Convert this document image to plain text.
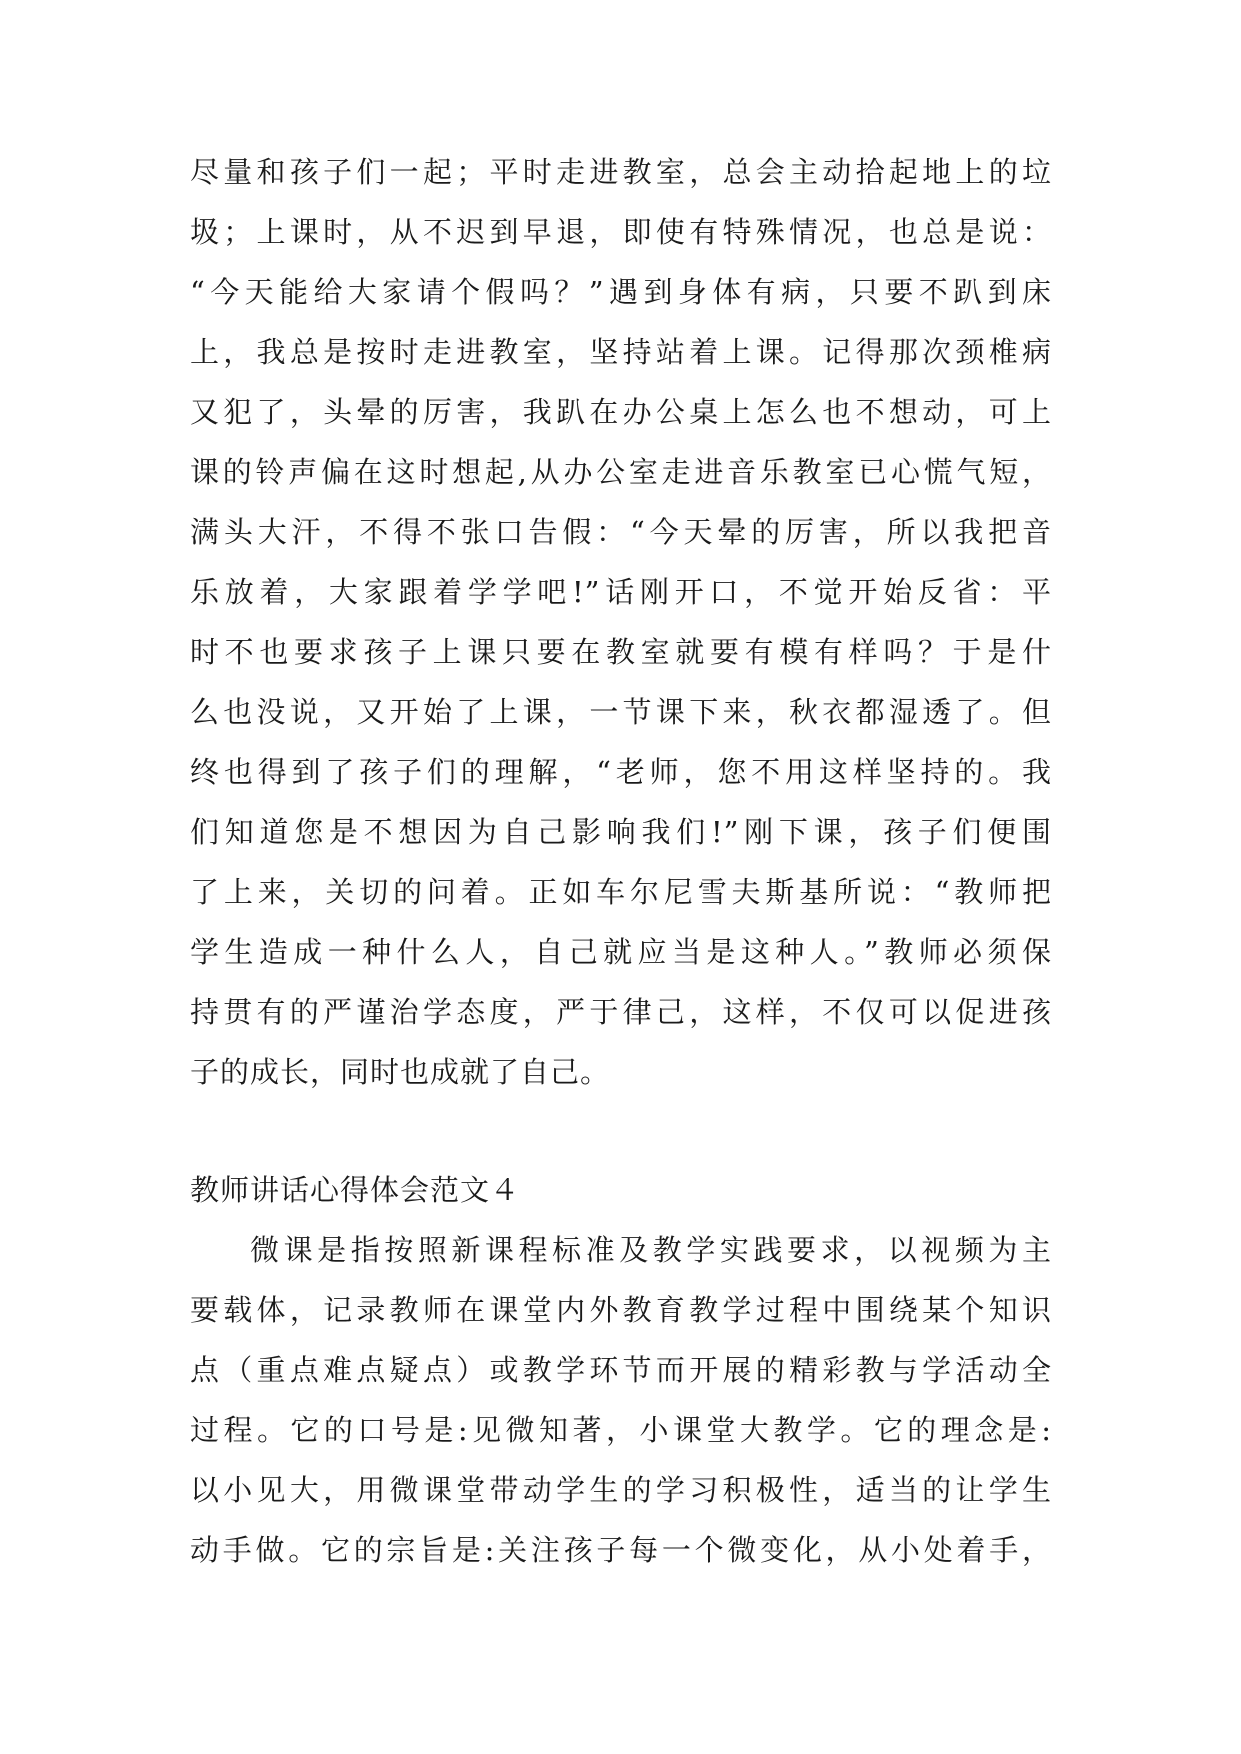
尽量和孩子们一起；平时走进教室，总会主动拾起地上的垃
圾；上课时，从不迟到早退，即使有特殊情况，也总是说：
“今天能给大家请个假吗？”遇到身体有病，只要不趴到床
上，我总是按时走进教室，坚持站着上课。记得那次颈椎病
又犯了，头晕的厉害，我趴在办公桌上怎么也不想动，可上
课的铃声偏在这时想起,从办公室走进音乐教室已心慌气短，
满头大汗，不得不张口告假：“今天晕的厉害，所以我把音
乐放着，大家跟着学学吧!”话刚开口，不觉开始反省：平
时不也要求孩子上课只要在教室就要有模有样吗？于是什
么也没说，又开始了上课，一节课下来，秋衣都湿透了。但
终也得到了孩子们的理解，“老师，您不用这样坚持的。我
们知道您是不想因为自己影响我们!”刚下课，孩子们便围
了上来，关切的问着。正如车尔尼雪夫斯基所说：“教师把
学生造成一种什么人，自己就应当是这种人。”教师必须保
持贯有的严谨治学态度，严于律己，这样，不仅可以促进孩
子的成长，同时也成就了自己。
教师讲话心得体会范文４
微课是指按照新课程标准及教学实践要求，以视频为主
要载体，记录教师在课堂内外教育教学过程中围绕某个知识
点（重点难点疑点）或教学环节而开展的精彩教与学活动全
过程。它的口号是:见微知著，小课堂大教学。它的理念是:
以小见大，用微课堂带动学生的学习积极性，适当的让学生
动手做。它的宗旨是:关注孩子每一个微变化，从小处着手，
